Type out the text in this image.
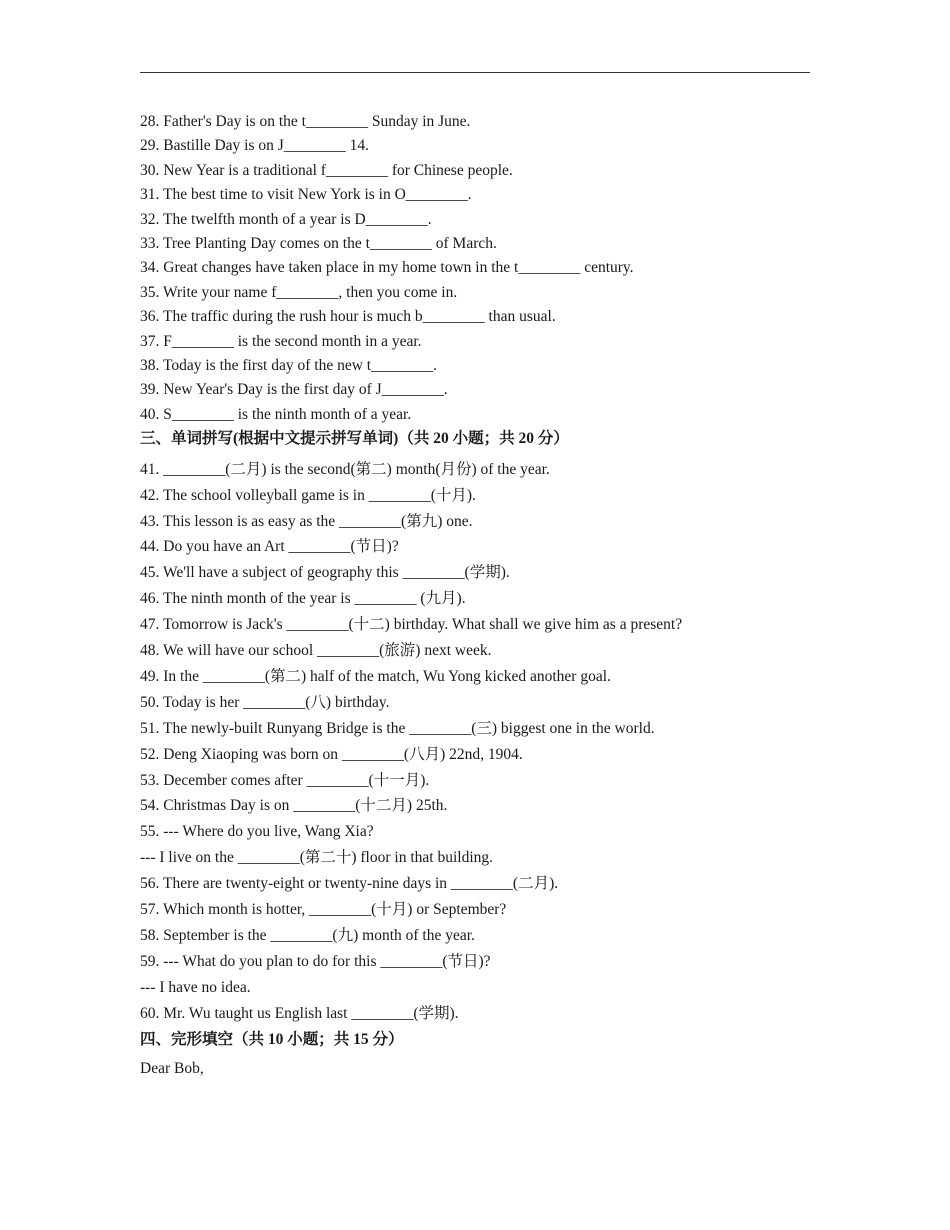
28. Father's Day is on the t________ Sunday in June.
29. Bastille Day is on J________ 14.
30. New Year is a traditional f________ for Chinese people.
31. The best time to visit New York is in O________.
32. The twelfth month of a year is D________.
33. Tree Planting Day comes on the t________ of March.
34. Great changes have taken place in my home town in the t________ century.
35. Write your name f________, then you come in.
36. The traffic during the rush hour is much b________ than usual.
37. F________ is the second month in a year.
38. Today is the first day of the new t________.
39. New Year's Day is the first day of J________.
40. S________ is the ninth month of a year.
三、单词拼写(根据中文提示拼写单词)（共 20 小题；共 20 分）
41. ________(二月) is the second(第二) month(月份) of the year.
42. The school volleyball game is in ________(十月).
43. This lesson is as easy as the ________(第九) one.
44. Do you have an Art ________(节日)?
45. We'll have a subject of geography this ________(学期).
46. The ninth month of the year is ________ (九月).
47. Tomorrow is Jack's ________(十二) birthday. What shall we give him as a present?
48. We will have our school ________(旅游) next week.
49. In the ________(第二) half of the match, Wu Yong kicked another goal.
50. Today is her ________(八) birthday.
51. The newly-built Runyang Bridge is the ________(三) biggest one in the world.
52. Deng Xiaoping was born on ________(八月) 22nd, 1904.
53. December comes after ________(十一月).
54. Christmas Day is on ________(十二月) 25th.
55. --- Where do you live, Wang Xia?
--- I live on the ________(第二十) floor in that building.
56. There are twenty-eight or twenty-nine days in ________(二月).
57. Which month is hotter, ________(十月) or September?
58. September is the ________(九) month of the year.
59. --- What do you plan to do for this ________(节日)?
--- I have no idea.
60. Mr. Wu taught us English last ________(学期).
四、完形填空（共 10 小题；共 15 分）
Dear Bob,
